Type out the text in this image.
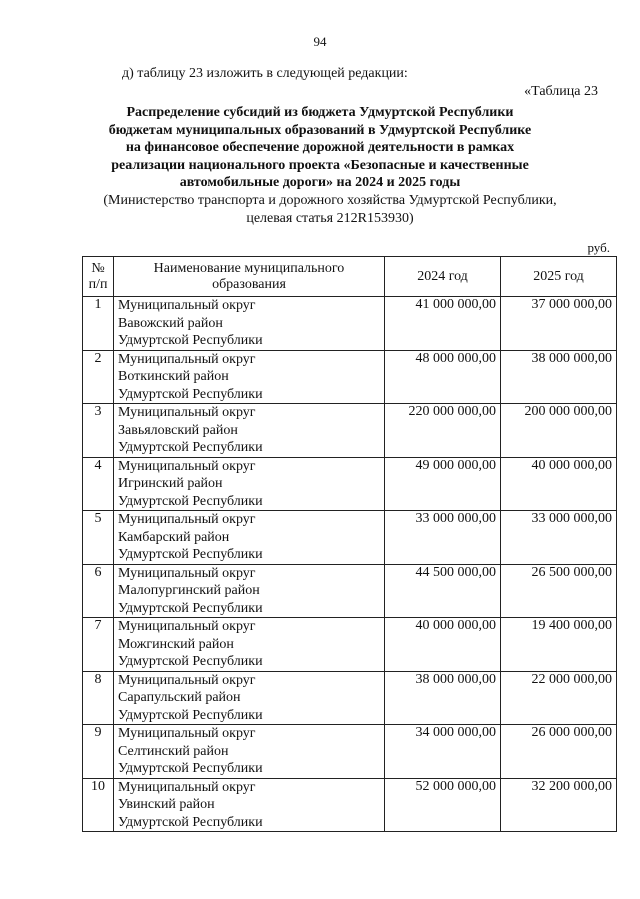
94
д) таблицу 23 изложить в следующей редакции:
«Таблица 23
Распределение субсидий из бюджета Удмуртской Республики
бюджетам муниципальных образований в Удмуртской Республике
на финансовое обеспечение дорожной деятельности в рамках
реализации национального проекта «Безопасные и качественные
автомобильные дороги» на 2024 и 2025 годы
(Министерство транспорта и дорожного хозяйства Удмуртской Республики,
целевая статья 212R153930)
руб.
№ п/п	Наименование муниципального образования	2024 год	2025 год
1	Муниципальный округ
Вавожский район
Удмуртской Республики	41 000 000,00	37 000 000,00
2	Муниципальный округ
Воткинский район
Удмуртской Республики	48 000 000,00	38 000 000,00
3	Муниципальный округ
Завьяловский район
Удмуртской Республики	220 000 000,00	200 000 000,00
4	Муниципальный округ
Игринский район
Удмуртской Республики	49 000 000,00	40 000 000,00
5	Муниципальный округ
Камбарский район
Удмуртской Республики	33 000 000,00	33 000 000,00
6	Муниципальный округ
Малопургинский район
Удмуртской Республики	44 500 000,00	26 500 000,00
7	Муниципальный округ
Можгинский район
Удмуртской Республики	40 000 000,00	19 400 000,00
8	Муниципальный округ
Сарапульский район
Удмуртской Республики	38 000 000,00	22 000 000,00
9	Муниципальный округ
Селтинский район
Удмуртской Республики	34 000 000,00	26 000 000,00
10	Муниципальный округ
Увинский район
Удмуртской Республики	52 000 000,00	32 200 000,00
